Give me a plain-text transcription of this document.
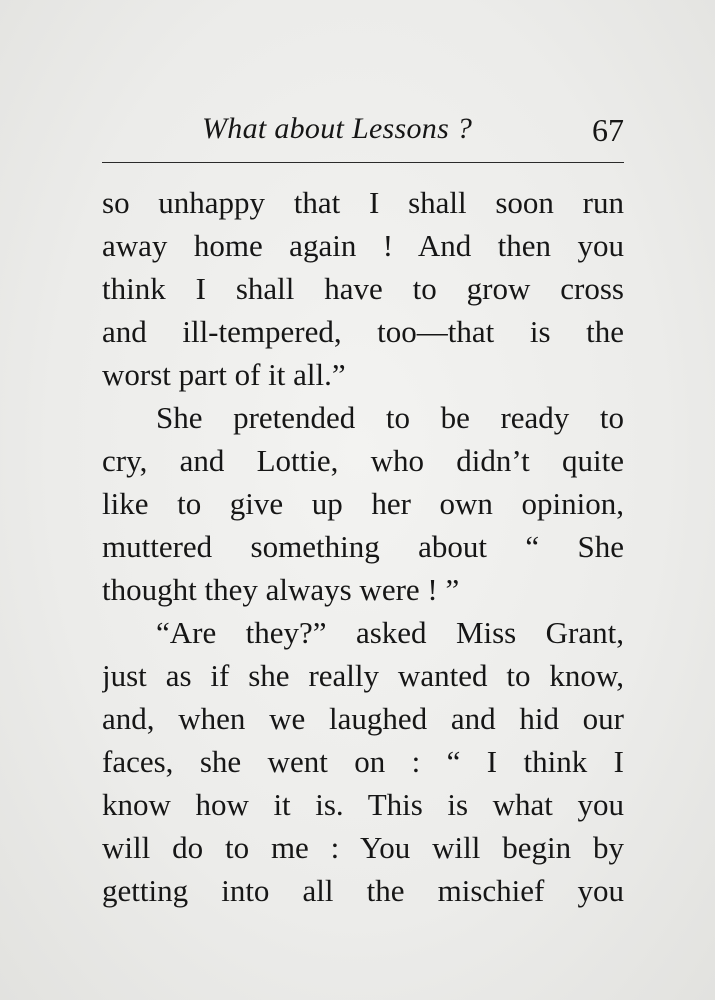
What about Lessons ?	67
so unhappy that I shall soon run
away home again ! And then you
think I shall have to grow cross
and ill-tempered, too—that is the
worst part of it all.”
She pretended to be ready to
cry, and Lottie, who didn’t quite
like to give up her own opinion,
muttered something about “ She
thought they always were ! ”
“Are they?” asked Miss Grant,
just as if she really wanted to know,
and, when we laughed and hid our
faces, she went on : “ I think I
know how it is. This is what you
will do to me : You will begin by
getting into all the mischief you
